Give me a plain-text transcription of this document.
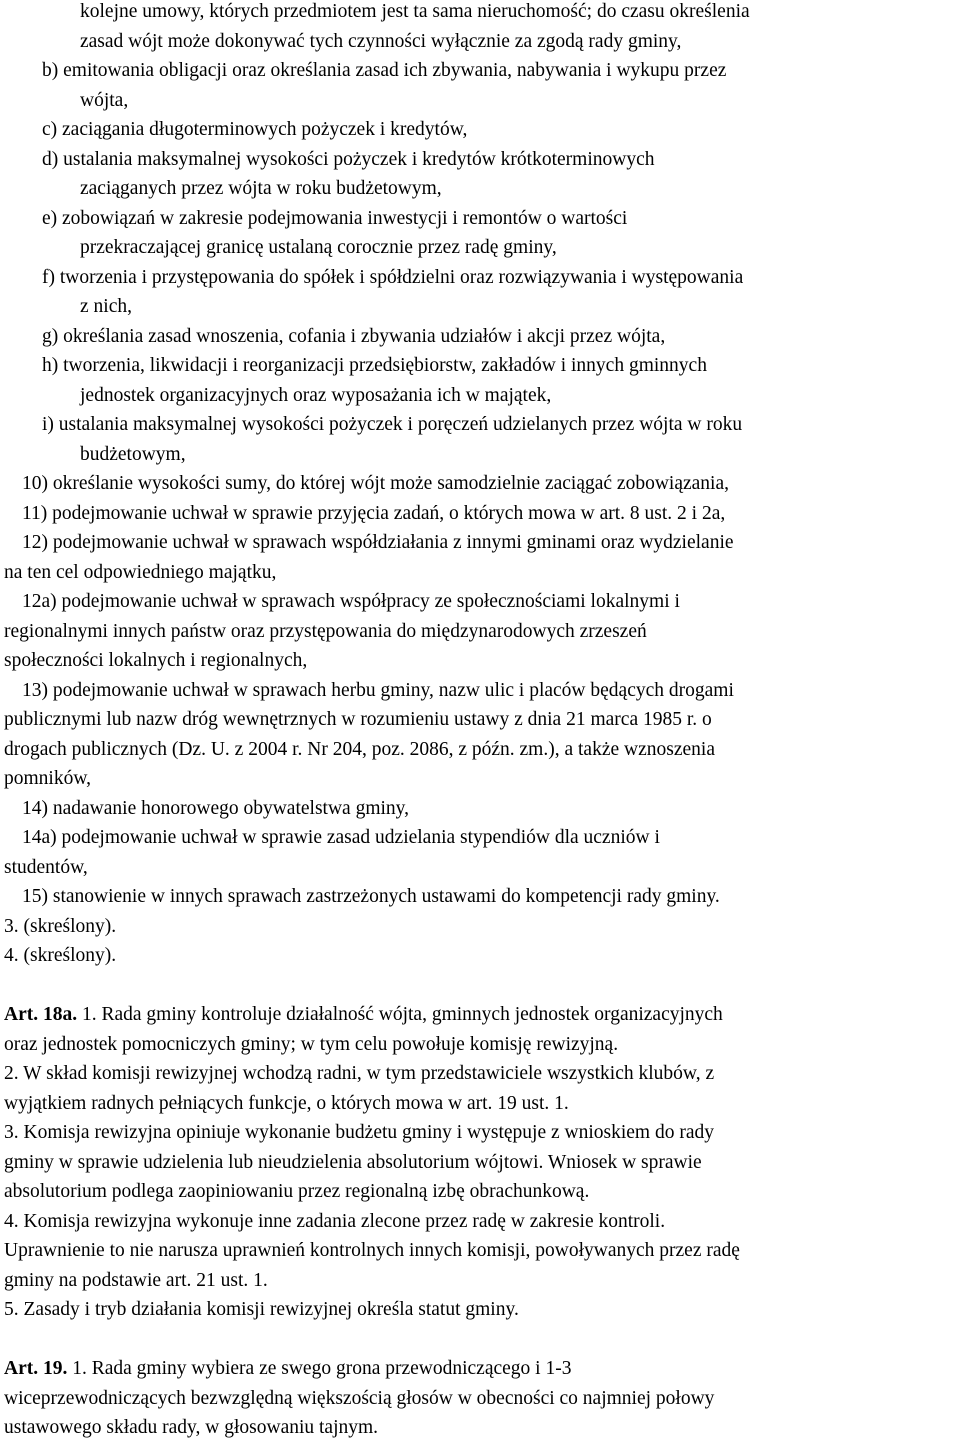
kolejne umowy, których przedmiotem jest ta sama nieruchomość; do czasu określenia
zasad wójt może dokonywać tych czynności wyłącznie za zgodą rady gminy,
b) emitowania obligacji oraz określania zasad ich zbywania, nabywania i wykupu przez
wójta,
c) zaciągania długoterminowych pożyczek i kredytów,
d) ustalania maksymalnej wysokości pożyczek i kredytów krótkoterminowych
zaciąganych przez wójta w roku budżetowym,
e) zobowiązań w zakresie podejmowania inwestycji i remontów o wartości
przekraczającej granicę ustalaną corocznie przez radę gminy,
f) tworzenia i przystępowania do spółek i spółdzielni oraz rozwiązywania i występowania
z nich,
g) określania zasad wnoszenia, cofania i zbywania udziałów i akcji przez wójta,
h) tworzenia, likwidacji i reorganizacji przedsiębiorstw, zakładów i innych gminnych
jednostek organizacyjnych oraz wyposażania ich w majątek,
i) ustalania maksymalnej wysokości pożyczek i poręczeń udzielanych przez wójta w roku
budżetowym,
10) określanie wysokości sumy, do której wójt może samodzielnie zaciągać zobowiązania,
11) podejmowanie uchwał w sprawie przyjęcia zadań, o których mowa w art. 8 ust. 2 i 2a,
12) podejmowanie uchwał w sprawach współdziałania z innymi gminami oraz wydzielanie
na ten cel odpowiedniego majątku,
12a) podejmowanie uchwał w sprawach współpracy ze społecznościami lokalnymi i
regionalnymi innych państw oraz przystępowania do międzynarodowych zrzeszeń
społeczności lokalnych i regionalnych,
13) podejmowanie uchwał w sprawach herbu gminy, nazw ulic i placów będących drogami
publicznymi lub nazw dróg wewnętrznych w rozumieniu ustawy z dnia 21 marca 1985 r. o
drogach publicznych (Dz. U. z 2004 r. Nr 204, poz. 2086, z późn. zm.), a także wznoszenia
pomników,
14) nadawanie honorowego obywatelstwa gminy,
14a) podejmowanie uchwał w sprawie zasad udzielania stypendiów dla uczniów i
studentów,
15) stanowienie w innych sprawach zastrzeżonych ustawami do kompetencji rady gminy.
3. (skreślony).
4. (skreślony).
Art. 18a. 1. Rada gminy kontroluje działalność wójta, gminnych jednostek organizacyjnych
oraz jednostek pomocniczych gminy; w tym celu powołuje komisję rewizyjną.
2. W skład komisji rewizyjnej wchodzą radni, w tym przedstawiciele wszystkich klubów, z
wyjątkiem radnych pełniących funkcje, o których mowa w art. 19 ust. 1.
3. Komisja rewizyjna opiniuje wykonanie budżetu gminy i występuje z wnioskiem do rady
gminy w sprawie udzielenia lub nieudzielenia absolutorium wójtowi. Wniosek w sprawie
absolutorium podlega zaopiniowaniu przez regionalną izbę obrachunkową.
4. Komisja rewizyjna wykonuje inne zadania zlecone przez radę w zakresie kontroli.
Uprawnienie to nie narusza uprawnień kontrolnych innych komisji, powoływanych przez radę
gminy na podstawie art. 21 ust. 1.
5. Zasady i tryb działania komisji rewizyjnej określa statut gminy.
Art. 19. 1. Rada gminy wybiera ze swego grona przewodniczącego i 1-3
wiceprzewodniczących bezwzględną większością głosów w obecności co najmniej połowy
ustawowego składu rady, w głosowaniu tajnym.
